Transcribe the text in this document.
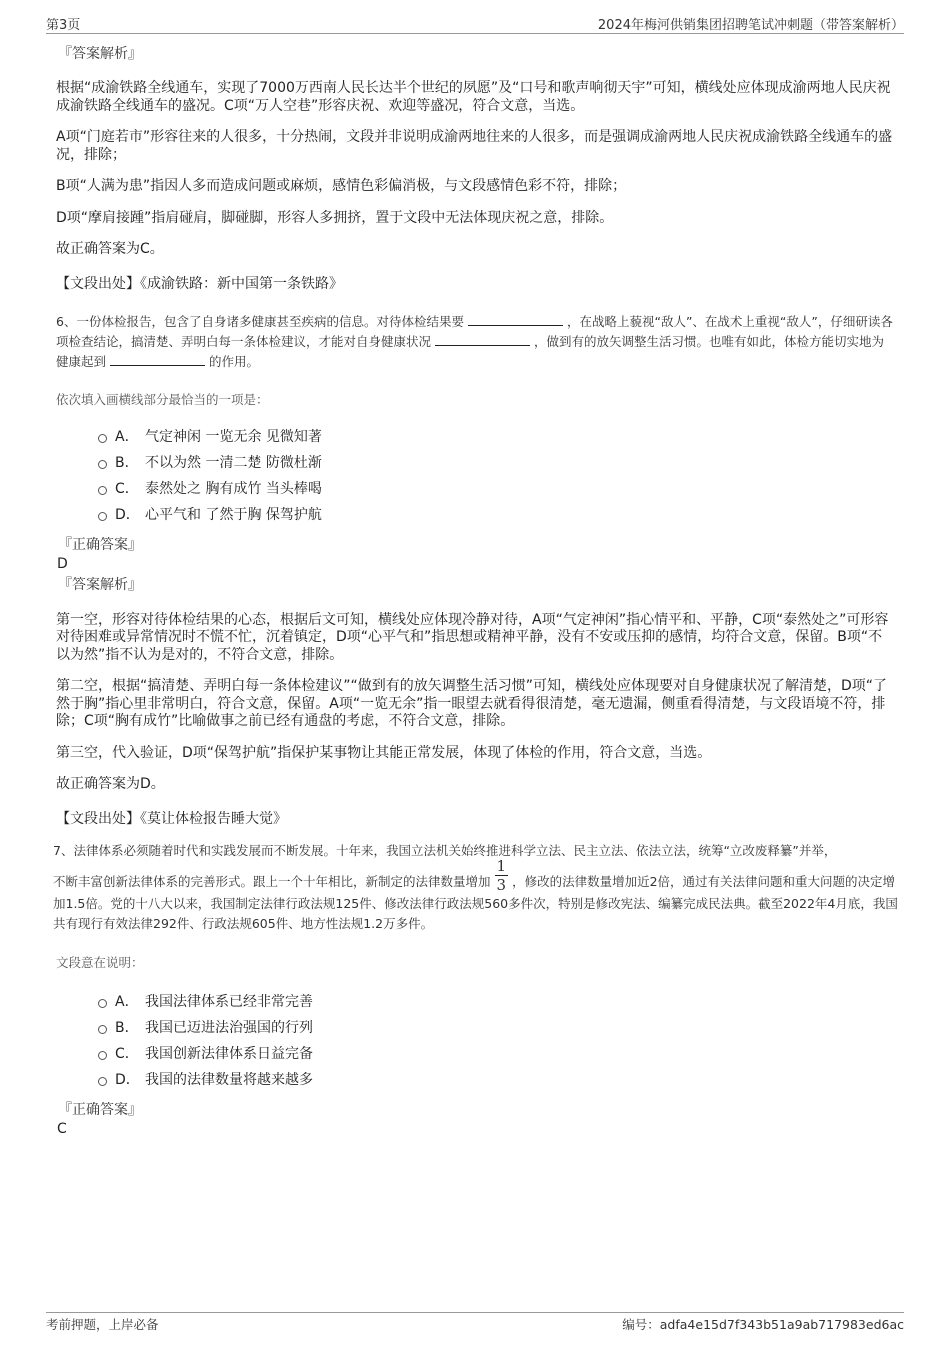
第3页	2024年梅河供销集团招聘笔试冲刺题（带答案解析）
『答案解析』
根据“成渝铁路全线通车，实现了7000万西南人民长达半个世纪的夙愿”及“口号和歌声响彻天宇”可知，横线处应体现成渝两地人民庆祝成渝铁路全线通车的盛况。C项“万人空巷”形容庆祝、欢迎等盛况，符合文意，当选。
A项“门庭若市”形容往来的人很多，十分热闹，文段并非说明成渝两地往来的人很多，而是强调成渝两地人民庆祝成渝铁路全线通车的盛况，排除；
B项“人满为患”指因人多而造成问题或麻烦，感情色彩偏消极，与文段感情色彩不符，排除；
D项“摩肩接踵”指肩碰肩，脚碰脚，形容人多拥挤，置于文段中无法体现庆祝之意，排除。
故正确答案为C。
【文段出处】《成渝铁路：新中国第一条铁路》
6、一份体检报告，包含了自身诸多健康甚至疾病的信息。对待体检结果要	，在战略上藐视“敌人”、在战术上重视“敌人”，仔细研读各项检查结论，搞清楚、弄明白每一条体检建议，才能对自身健康状况	，做到有的放矢调整生活习惯。也唯有如此，体检方能切实地为健康起到	的作用。
依次填入画横线部分最恰当的一项是：
A． 气定神闲 一览无余 见微知著
B． 不以为然 一清二楚 防微杜渐
C． 泰然处之 胸有成竹 当头棒喝
D． 心平气和 了然于胸 保驾护航
『正确答案』
D
『答案解析』
第一空，形容对待体检结果的心态，根据后文可知，横线处应体现冷静对待，A项“气定神闲”指心情平和、平静，C项“泰然处之”可形容对待困难或异常情况时不慌不忙，沉着镇定，D项“心平气和”指思想或精神平静，没有不安或压抑的感情，均符合文意，保留。B项“不以为然”指不认为是对的，不符合文意，排除。
第二空，根据“搞清楚、弄明白每一条体检建议”“做到有的放矢调整生活习惯”可知，横线处应体现要对自身健康状况了解清楚，D项“了然于胸”指心里非常明白，符合文意，保留。A项“一览无余”指一眼望去就看得很清楚，毫无遗漏，侧重看得清楚，与文段语境不符，排除；C项“胸有成竹”比喻做事之前已经有通盘的考虑，不符合文意，排除。
第三空，代入验证，D项“保驾护航”指保护某事物让其能正常发展，体现了体检的作用，符合文意，当选。
故正确答案为D。
【文段出处】《莫让体检报告睡大觉》
7、法律体系必须随着时代和实践发展而不断发展。十年来，我国立法机关始终推进科学立法、民主立法、依法立法，统筹“立改废释纂”并举，
不断丰富创新法律体系的完善形式。跟上一个十年相比，新制定的法律数量增加 $\frac{1}{3}$ ，修改的法律数量增加近2倍，通过有关法律问题和重大问题的决定增加1.5倍。党的十八大以来，我国制定法律行政法规125件、修改法律行政法规560多件次，特别是修改宪法、编纂完成民法典。截至2022年4月底，我国共有现行有效法律292件、行政法规605件、地方性法规1.2万多件。
文段意在说明：
A． 我国法律体系已经非常完善
B． 我国已迈进法治强国的行列
C． 我国创新法律体系日益完备
D． 我国的法律数量将越来越多
『正确答案』
C
考前押题，上岸必备	编号：adfa4e15d7f343b51a9ab717983ed6ac
